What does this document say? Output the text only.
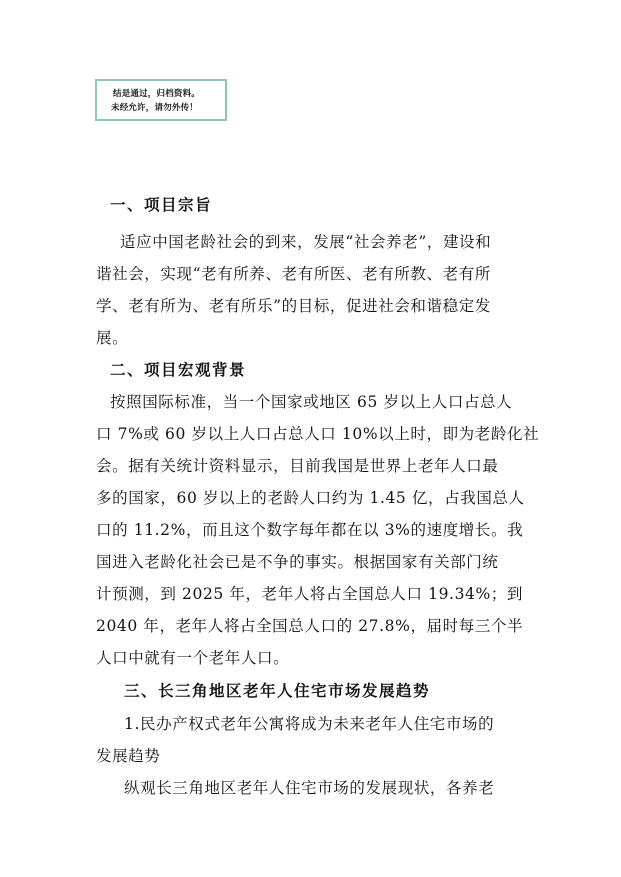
结是通过，归档资料。
未经允许，请勿外传！
一、项目宗旨
适应中国老龄社会的到来，发展“社会养老”，建设和
谐社会，实现“老有所养、老有所医、老有所教、老有所
学、老有所为、老有所乐”的目标，促进社会和谐稳定发
展。
二、项目宏观背景
按照国际标准，当一个国家或地区 65 岁以上人口占总人
口 7%或 60 岁以上人口占总人口 10%以上时，即为老龄化社
会。据有关统计资料显示，目前我国是世界上老年人口最
多的国家，60 岁以上的老龄人口约为 1.45 亿，占我国总人
口的 11.2%，而且这个数字每年都在以 3%的速度增长。我
国进入老龄化社会已是不争的事实。根据国家有关部门统
计预测，到 2025 年，老年人将占全国总人口 19.34%；到
2040 年，老年人将占全国总人口的 27.8%，届时每三个半
人口中就有一个老年人口。
三、长三角地区老年人住宅市场发展趋势
1.民办产权式老年公寓将成为未来老年人住宅市场的
发展趋势
纵观长三角地区老年人住宅市场的发展现状，各养老
